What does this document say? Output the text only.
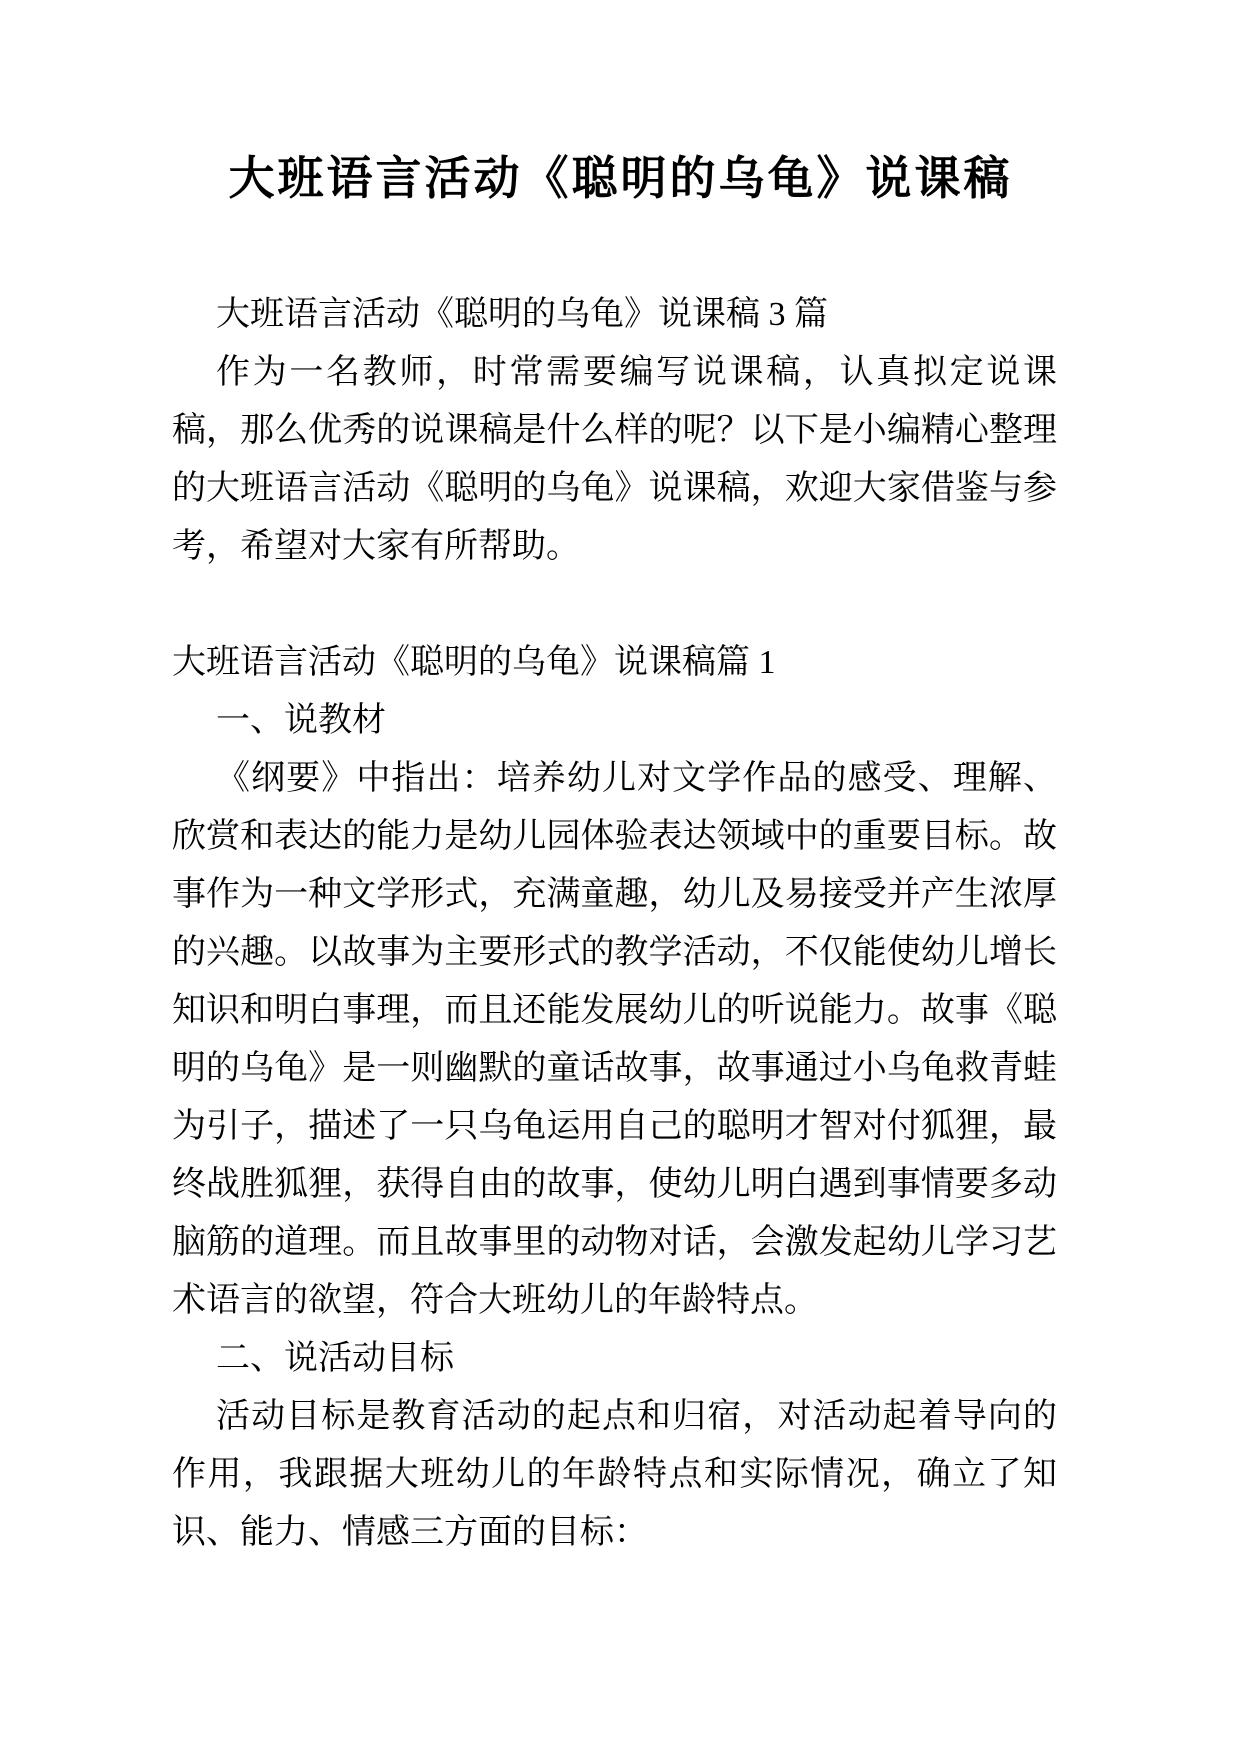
大班语言活动《聪明的乌龟》说课稿

大班语言活动《聪明的乌龟》说课稿 3 篇

作为一名教师，时常需要编写说课稿，认真拟定说课稿，那么优秀的说课稿是什么样的呢？以下是小编精心整理的大班语言活动《聪明的乌龟》说课稿，欢迎大家借鉴与参考，希望对大家有所帮助。

大班语言活动《聪明的乌龟》说课稿篇 1

一、说教材

《纲要》中指出：培养幼儿对文学作品的感受、理解、欣赏和表达的能力是幼儿园体验表达领域中的重要目标。故事作为一种文学形式，充满童趣，幼儿及易接受并产生浓厚的兴趣。以故事为主要形式的教学活动，不仅能使幼儿增长知识和明白事理，而且还能发展幼儿的听说能力。故事《聪明的乌龟》是一则幽默的童话故事，故事通过小乌龟救青蛙为引子，描述了一只乌龟运用自己的聪明才智对付狐狸，最终战胜狐狸，获得自由的故事，使幼儿明白遇到事情要多动脑筋的道理。而且故事里的动物对话，会激发起幼儿学习艺术语言的欲望，符合大班幼儿的年龄特点。

二、说活动目标

活动目标是教育活动的起点和归宿，对活动起着导向的作用，我跟据大班幼儿的年龄特点和实际情况，确立了知识、能力、情感三方面的目标：
